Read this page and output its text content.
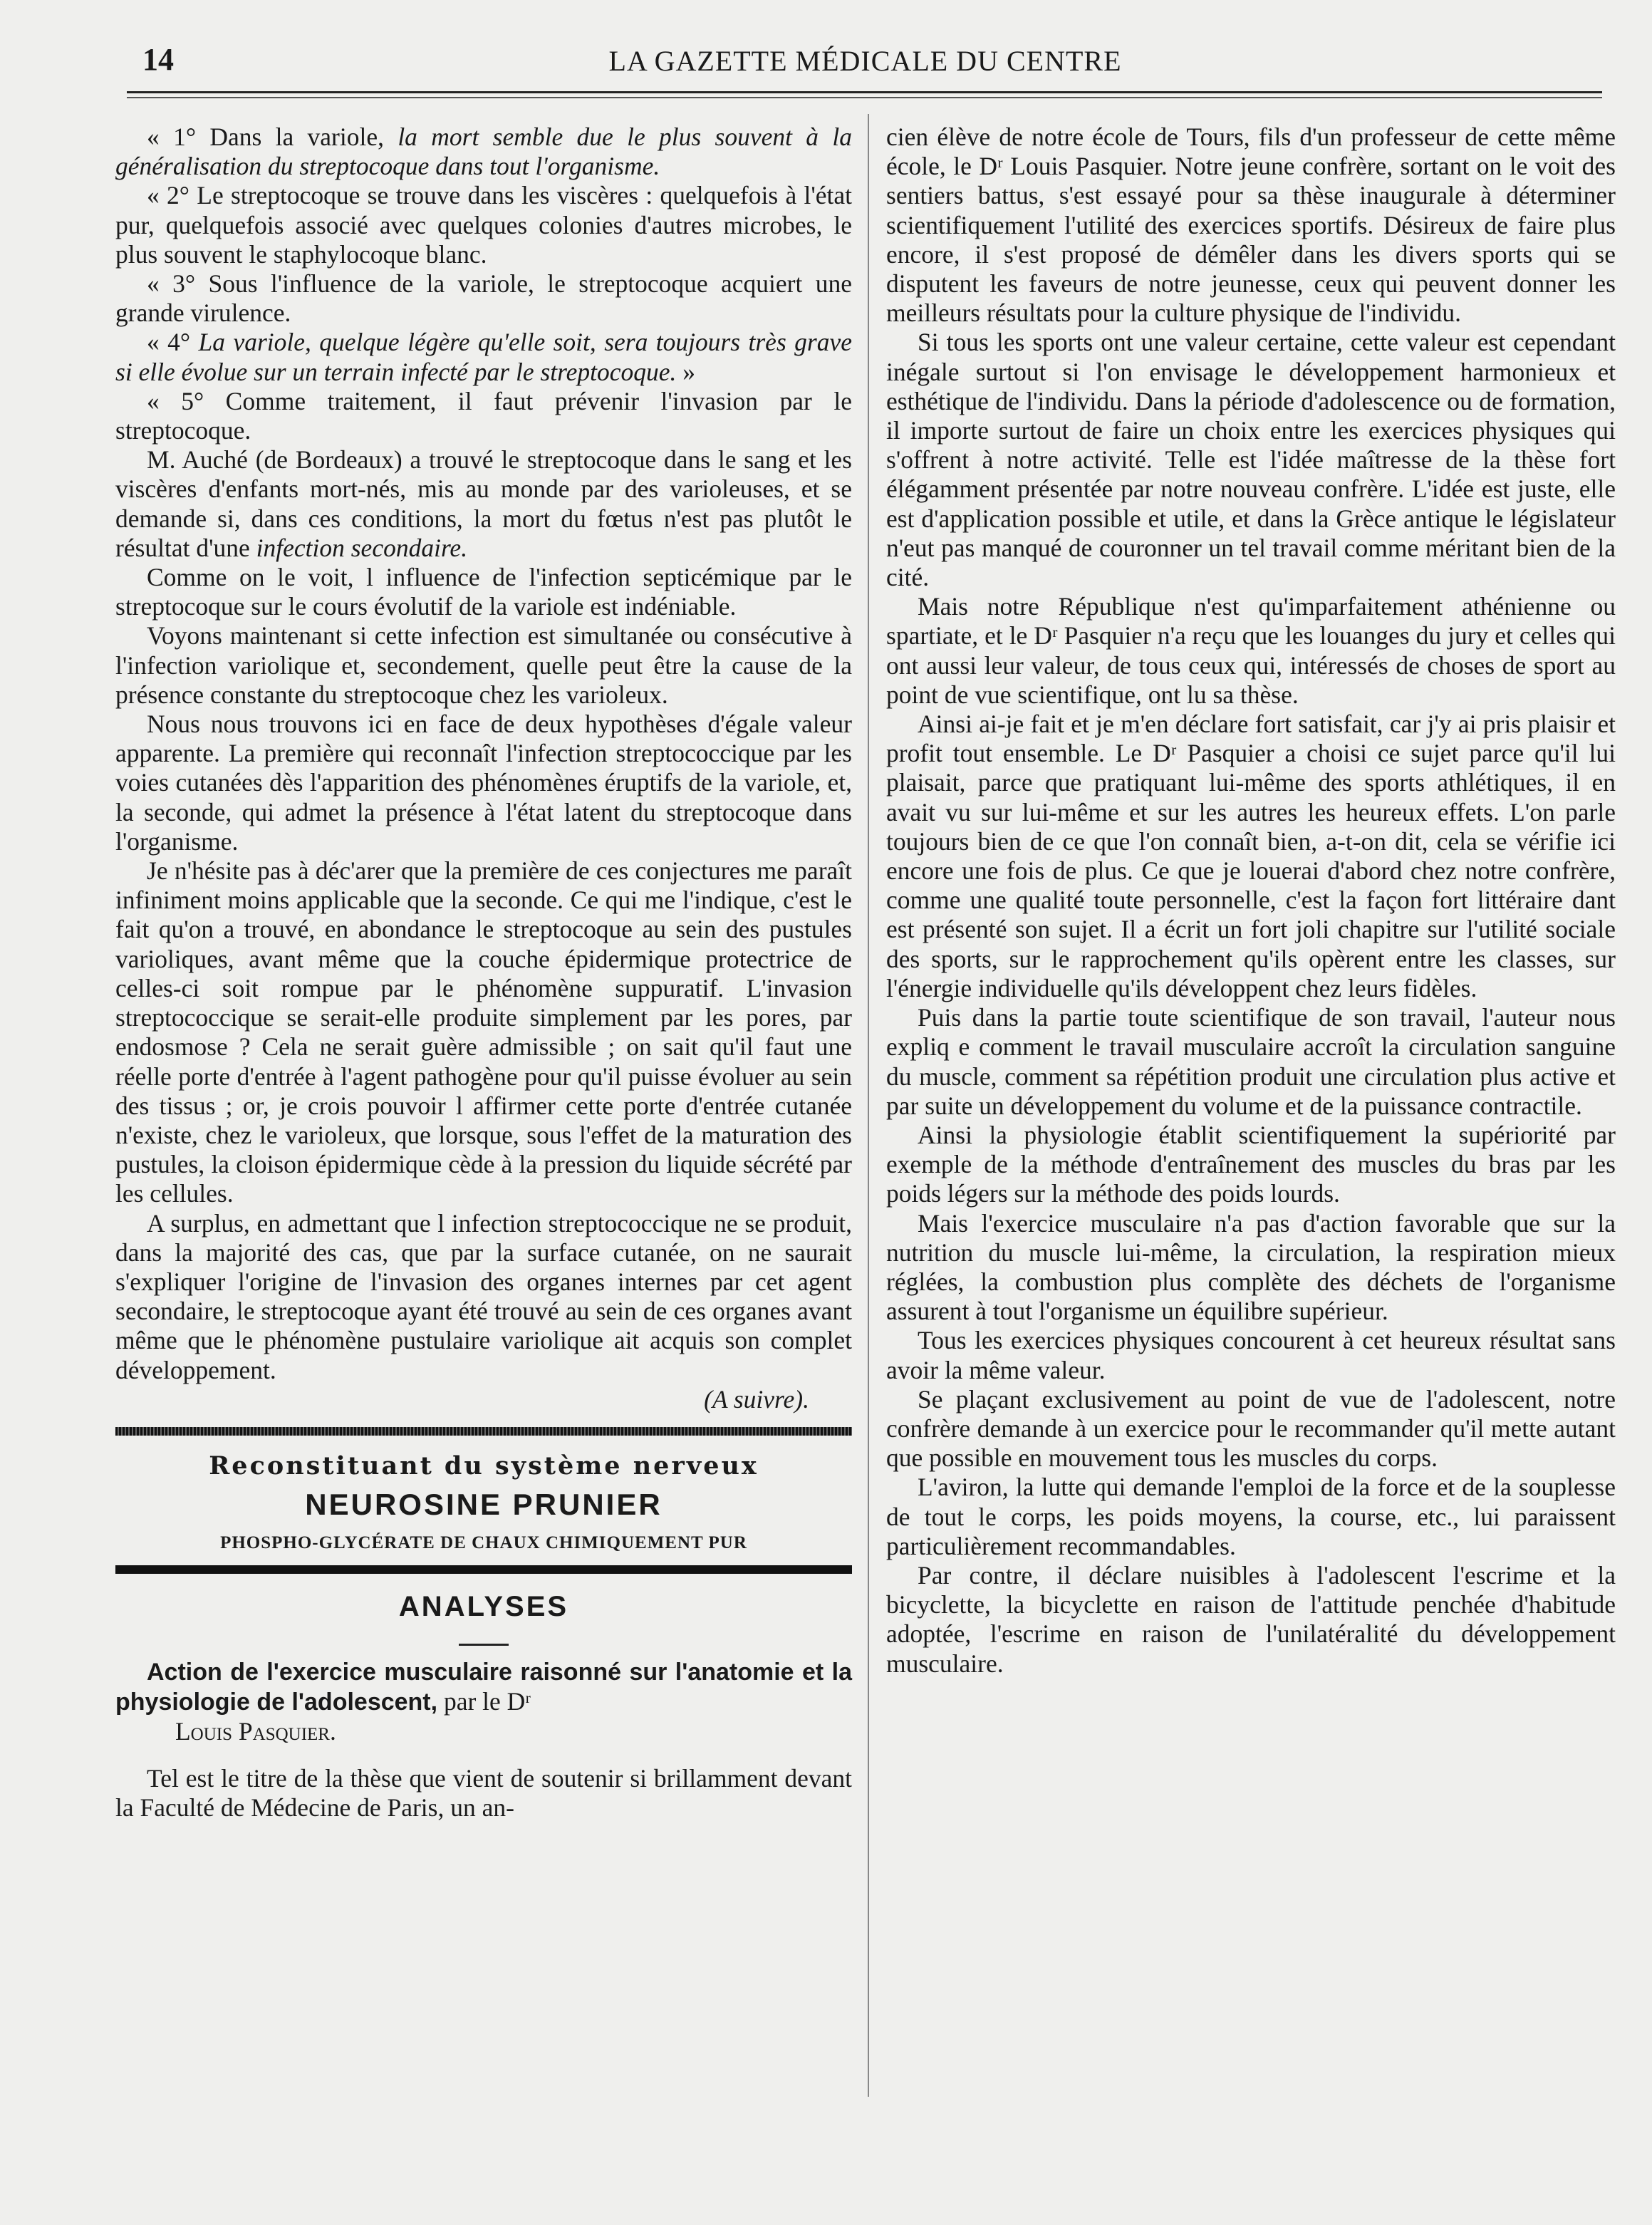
14	LA GAZETTE MÉDICALE DU CENTRE

« 1° Dans la variole, la mort semble due le plus souvent à la généralisation du streptocoque dans tout l'organisme.

« 2° Le streptocoque se trouve dans les viscères : quelquefois à l'état pur, quelquefois associé avec quelques colonies d'autres microbes, le plus souvent le staphylocoque blanc.

« 3° Sous l'influence de la variole, le streptocoque acquiert une grande virulence.

« 4° La variole, quelque légère qu'elle soit, sera toujours très grave si elle évolue sur un terrain infecté par le streptocoque. »

« 5° Comme traitement, il faut prévenir l'invasion par le streptocoque.

M. Auché (de Bordeaux) a trouvé le streptocoque dans le sang et les viscères d'enfants mort-nés, mis au monde par des varioleuses, et se demande si, dans ces conditions, la mort du fœtus n'est pas plutôt le résultat d'une infection secondaire.

Comme on le voit, l influence de l'infection septicémique par le streptocoque sur le cours évolutif de la variole est indéniable.

Voyons maintenant si cette infection est simultanée ou consécutive à l'infection variolique et, secondement, quelle peut être la cause de la présence constante du streptocoque chez les varioleux.

Nous nous trouvons ici en face de deux hypothèses d'égale valeur apparente. La première qui reconnaît l'infection streptococcique par les voies cutanées dès l'apparition des phénomènes éruptifs de la variole, et, la seconde, qui admet la présence à l'état latent du streptocoque dans l'organisme.

Je n'hésite pas à déc'arer que la première de ces conjectures me paraît infiniment moins applicable que la seconde. Ce qui me l'indique, c'est le fait qu'on a trouvé, en abondance le streptocoque au sein des pustules varioliques, avant même que la couche épidermique protectrice de celles-ci soit rompue par le phénomène suppuratif. L'invasion streptococcique se serait-elle produite simplement par les pores, par endosmose ? Cela ne serait guère admissible ; on sait qu'il faut une réelle porte d'entrée à l'agent pathogène pour qu'il puisse évoluer au sein des tissus ; or, je crois pouvoir l affirmer cette porte d'entrée cutanée n'existe, chez le varioleux, que lorsque, sous l'effet de la maturation des pustules, la cloison épidermique cède à la pression du liquide sécrété par les cellules.

A surplus, en admettant que l infection streptococcique ne se produit, dans la majorité des cas, que par la surface cutanée, on ne saurait s'expliquer l'origine de l'invasion des organes internes par cet agent secondaire, le streptocoque ayant été trouvé au sein de ces organes avant même que le phénomène pustulaire variolique ait acquis son complet développement.

(A suivre).

Reconstituant du système nerveux
NEUROSINE PRUNIER
PHOSPHO-GLYCÉRATE DE CHAUX CHIMIQUEMENT PUR
ANALYSES

Action de l'exercice musculaire raisonné sur l'anatomie et la physiologie de l'adolescent, par le Dʳ
Louis Pasquier.

Tel est le titre de la thèse que vient de soutenir si brillamment devant la Faculté de Médecine de Paris, un an-

cien élève de notre école de Tours, fils d'un professeur de cette même école, le Dʳ Louis Pasquier. Notre jeune confrère, sortant on le voit des sentiers battus, s'est essayé pour sa thèse inaugurale à déterminer scientifiquement l'utilité des exercices sportifs. Désireux de faire plus encore, il s'est proposé de démêler dans les divers sports qui se disputent les faveurs de notre jeunesse, ceux qui peuvent donner les meilleurs résultats pour la culture physique de l'individu.

Si tous les sports ont une valeur certaine, cette valeur est cependant inégale surtout si l'on envisage le développement harmonieux et esthétique de l'individu. Dans la période d'adolescence ou de formation, il importe surtout de faire un choix entre les exercices physiques qui s'offrent à notre activité. Telle est l'idée maîtresse de la thèse fort élégamment présentée par notre nouveau confrère. L'idée est juste, elle est d'application possible et utile, et dans la Grèce antique le législateur n'eut pas manqué de couronner un tel travail comme méritant bien de la cité.

Mais notre République n'est qu'imparfaitement athénienne ou spartiate, et le Dʳ Pasquier n'a reçu que les louanges du jury et celles qui ont aussi leur valeur, de tous ceux qui, intéressés de choses de sport au point de vue scientifique, ont lu sa thèse.

Ainsi ai-je fait et je m'en déclare fort satisfait, car j'y ai pris plaisir et profit tout ensemble. Le Dʳ Pasquier a choisi ce sujet parce qu'il lui plaisait, parce que pratiquant lui-même des sports athlétiques, il en avait vu sur lui-même et sur les autres les heureux effets. L'on parle toujours bien de ce que l'on connaît bien, a-t-on dit, cela se vérifie ici encore une fois de plus. Ce que je louerai d'abord chez notre confrère, comme une qualité toute personnelle, c'est la façon fort littéraire dant est présenté son sujet. Il a écrit un fort joli chapitre sur l'utilité sociale des sports, sur le rapprochement qu'ils opèrent entre les classes, sur l'énergie individuelle qu'ils développent chez leurs fidèles.

Puis dans la partie toute scientifique de son travail, l'auteur nous expliq e comment le travail musculaire accroît la circulation sanguine du muscle, comment sa répétition produit une circulation plus active et par suite un développement du volume et de la puissance contractile.

Ainsi la physiologie établit scientifiquement la supériorité par exemple de la méthode d'entraînement des muscles du bras par les poids légers sur la méthode des poids lourds.

Mais l'exercice musculaire n'a pas d'action favorable que sur la nutrition du muscle lui-même, la circulation, la respiration mieux réglées, la combustion plus complète des déchets de l'organisme assurent à tout l'organisme un équilibre supérieur.

Tous les exercices physiques concourent à cet heureux résultat sans avoir la même valeur.

Se plaçant exclusivement au point de vue de l'adolescent, notre confrère demande à un exercice pour le recommander qu'il mette autant que possible en mouvement tous les muscles du corps.

L'aviron, la lutte qui demande l'emploi de la force et de la souplesse de tout le corps, les poids moyens, la course, etc., lui paraissent particulièrement recommandables.

Par contre, il déclare nuisibles à l'adolescent l'escrime et la bicyclette, la bicyclette en raison de l'attitude penchée d'habitude adoptée, l'escrime en raison de l'unilatéralité du développement musculaire.
